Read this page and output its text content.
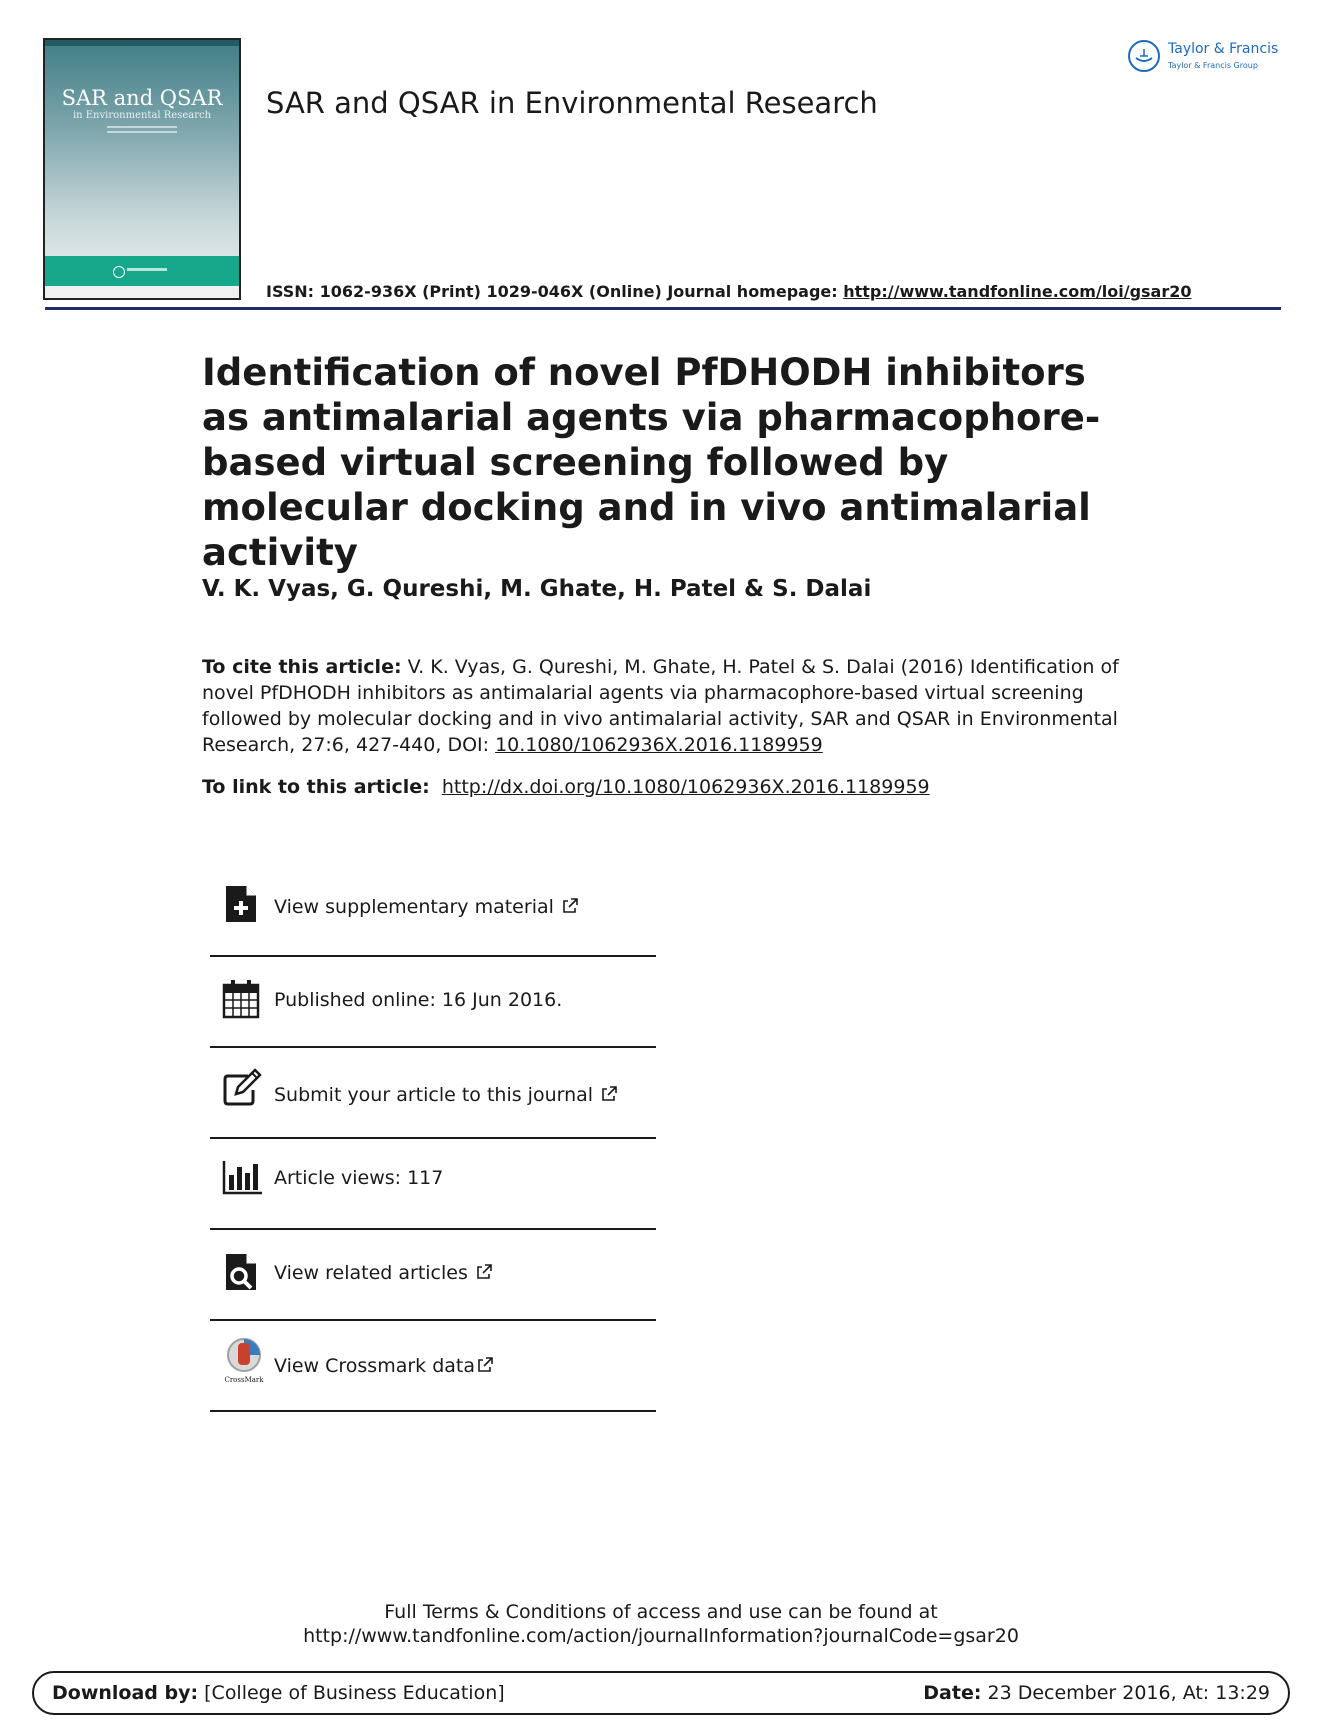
SAR and QSAR
in Environmental Research	SAR and QSAR in Environmental Research
Taylor & Francis
Taylor & Francis Group
ISSN: 1062-936X (Print) 1029-046X (Online) Journal homepage: http://www.tandfonline.com/loi/gsar20
Identification of novel PfDHODH inhibitors as antimalarial agents via pharmacophore-based virtual screening followed by molecular docking and in vivo antimalarial activity
V. K. Vyas, G. Qureshi, M. Ghate, H. Patel & S. Dalai
To cite this article: V. K. Vyas, G. Qureshi, M. Ghate, H. Patel & S. Dalai (2016) Identification of novel PfDHODH inhibitors as antimalarial agents via pharmacophore-based virtual screening followed by molecular docking and in vivo antimalarial activity, SAR and QSAR in Environmental Research, 27:6, 427-440, DOI: 10.1080/1062936X.2016.1189959
To link to this article: http://dx.doi.org/10.1080/1062936X.2016.1189959
View supplementary material
Published online: 16 Jun 2016.
Submit your article to this journal
Article views: 117
View related articles
CrossMark
View Crossmark data
Full Terms & Conditions of access and use can be found at
http://www.tandfonline.com/action/journalInformation?journalCode=gsar20
Download by: [College of Business Education]	Date: 23 December 2016, At: 13:29
